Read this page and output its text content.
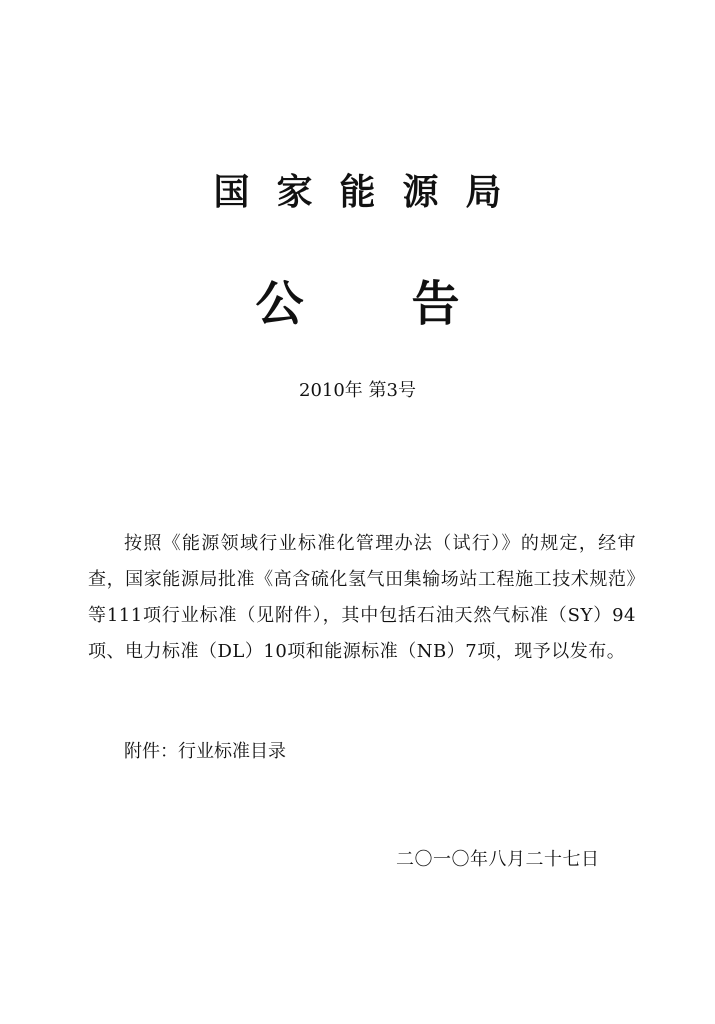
国家能源局
公告
2010年 第3号

按照《能源领域行业标准化管理办法（试行）》的规定，经审查，国家能源局批准《高含硫化氢气田集输场站工程施工技术规范》等111项行业标准（见附件），其中包括石油天然气标准（SY）94项、电力标准（DL）10项和能源标准（NB）7项，现予以发布。

附件：行业标准目录
二〇一〇年八月二十七日
